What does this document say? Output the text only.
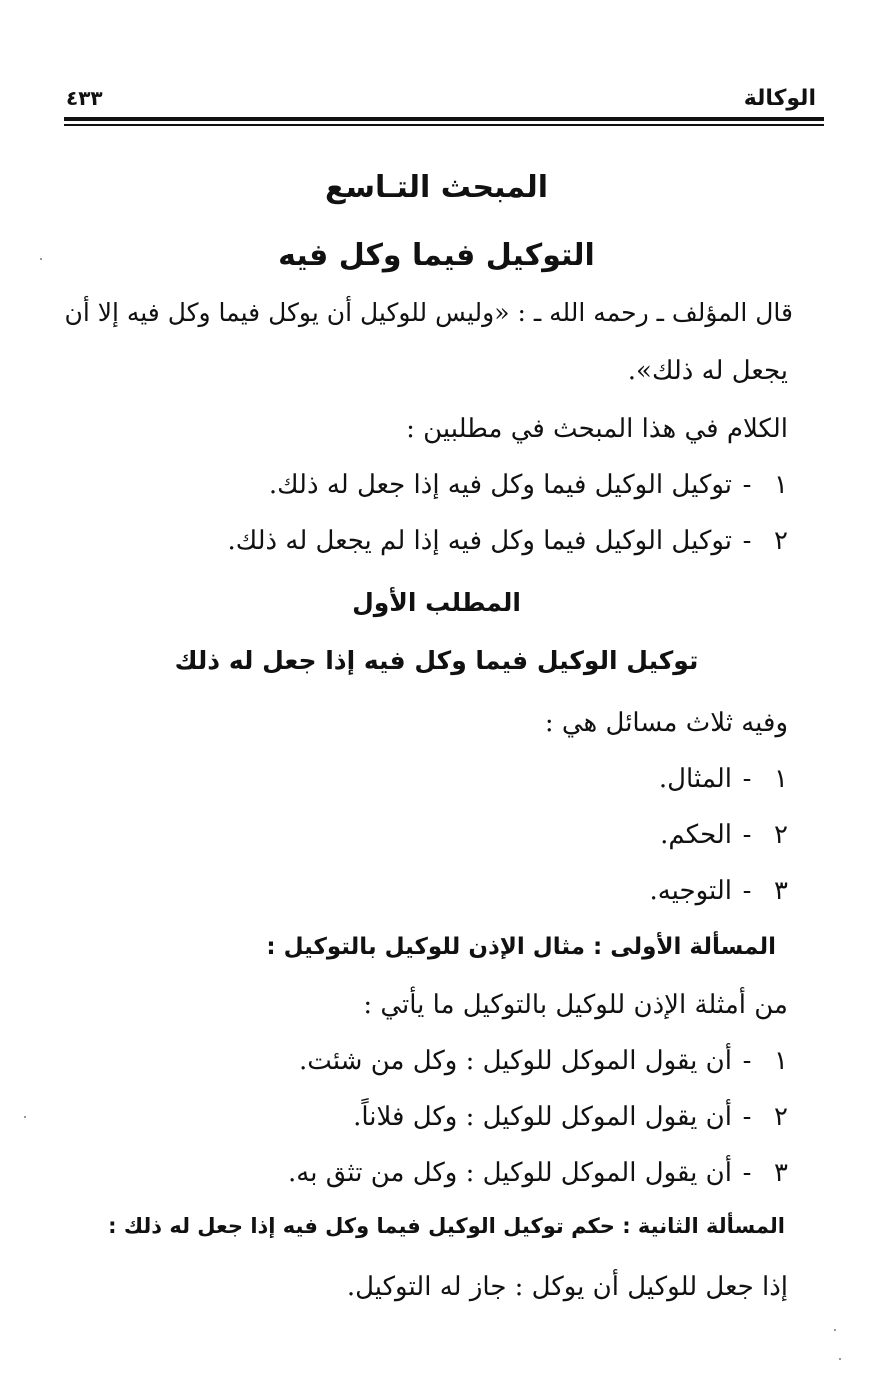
الوكالة
٤٣٣
المبحث التـاسع
التوكيل فيما وكل فيه
قال المؤلف ـ رحمه الله ـ : «وليس للوكيل أن يوكل فيما وكل فيه إلا أن
يجعل له ذلك».
الكلام في هذا المبحث في مطلبين :
١-توكيل الوكيل فيما وكل فيه إذا جعل له ذلك.
٢-توكيل الوكيل فيما وكل فيه إذا لم يجعل له ذلك.
المطلب الأول
توكيل الوكيل فيما وكل فيه إذا جعل له ذلك
وفيه ثلاث مسائل هي :
١-المثال.
٢-الحكم.
٣-التوجيه.
المسألة الأولى : مثال الإذن للوكيل بالتوكيل :
من أمثلة الإذن للوكيل بالتوكيل ما يأتي :
١-أن يقول الموكل للوكيل : وكل من شئت.
٢-أن يقول الموكل للوكيل : وكل فلاناً.
٣-أن يقول الموكل للوكيل : وكل من تثق به.
المسألة الثانية : حكم توكيل الوكيل فيما وكل فيه إذا جعل له ذلك :
إذا جعل للوكيل أن يوكل : جاز له التوكيل.
